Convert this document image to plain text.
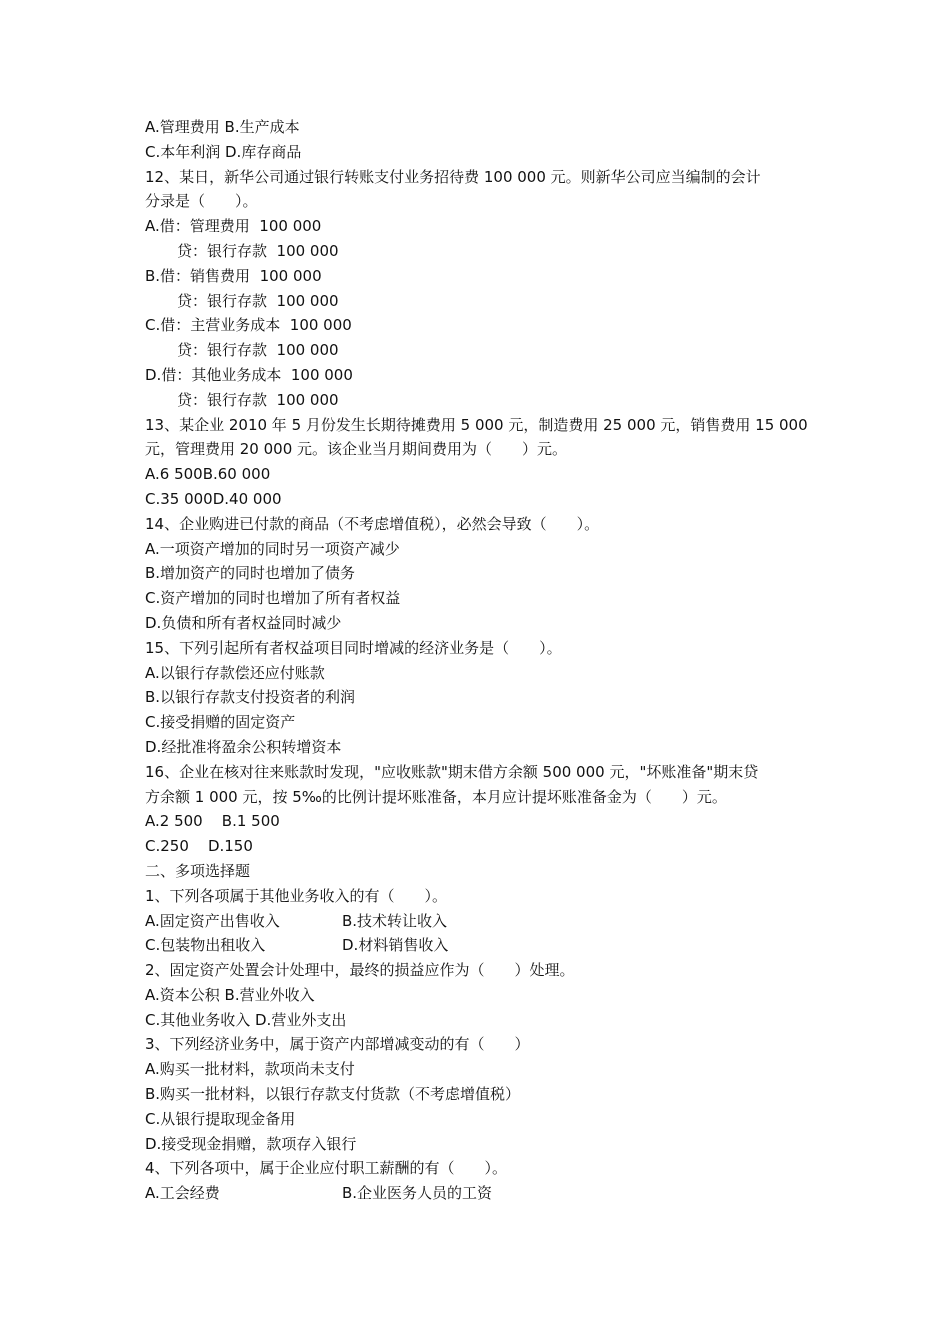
A.管理费用 B.生产成本
C.本年利润 D.库存商品
12、某日，新华公司通过银行转账支付业务招待费 100 000 元。则新华公司应当编制的会计
分录是（　　）。
A.借：管理费用  100 000
贷：银行存款  100 000
B.借：销售费用  100 000
贷：银行存款  100 000
C.借：主营业务成本  100 000
贷：银行存款  100 000
D.借：其他业务成本  100 000
贷：银行存款  100 000
13、某企业 2010 年 5 月份发生长期待摊费用 5 000 元，制造费用 25 000 元，销售费用 15 000
元，管理费用 20 000 元。该企业当月期间费用为（　　）元。
A.6 500B.60 000
C.35 000D.40 000
14、企业购进已付款的商品（不考虑增值税），必然会导致（　　）。
A.一项资产增加的同时另一项资产减少
B.增加资产的同时也增加了债务
C.资产增加的同时也增加了所有者权益
D.负债和所有者权益同时减少
15、下列引起所有者权益项目同时增减的经济业务是（　　）。
A.以银行存款偿还应付账款
B.以银行存款支付投资者的利润
C.接受捐赠的固定资产
D.经批准将盈余公积转增资本
16、企业在核对往来账款时发现，"应收账款"期末借方余额 500 000 元，"坏账准备"期末贷
方余额 1 000 元，按 5‰的比例计提坏账准备，本月应计提坏账准备金为（　　）元。
A.2 500    B.1 500
C.250    D.150
二、多项选择题
1、下列各项属于其他业务收入的有（　　）。
A.固定资产出售收入	B.技术转让收入
C.包装物出租收入	D.材料销售收入
2、固定资产处置会计处理中，最终的损益应作为（　　）处理。
A.资本公积 B.营业外收入
C.其他业务收入 D.营业外支出
3、下列经济业务中，属于资产内部增减变动的有（　　）
A.购买一批材料，款项尚未支付
B.购买一批材料，以银行存款支付货款（不考虑增值税）
C.从银行提取现金备用
D.接受现金捐赠，款项存入银行
4、下列各项中，属于企业应付职工薪酬的有（　　）。
A.工会经费	B.企业医务人员的工资
